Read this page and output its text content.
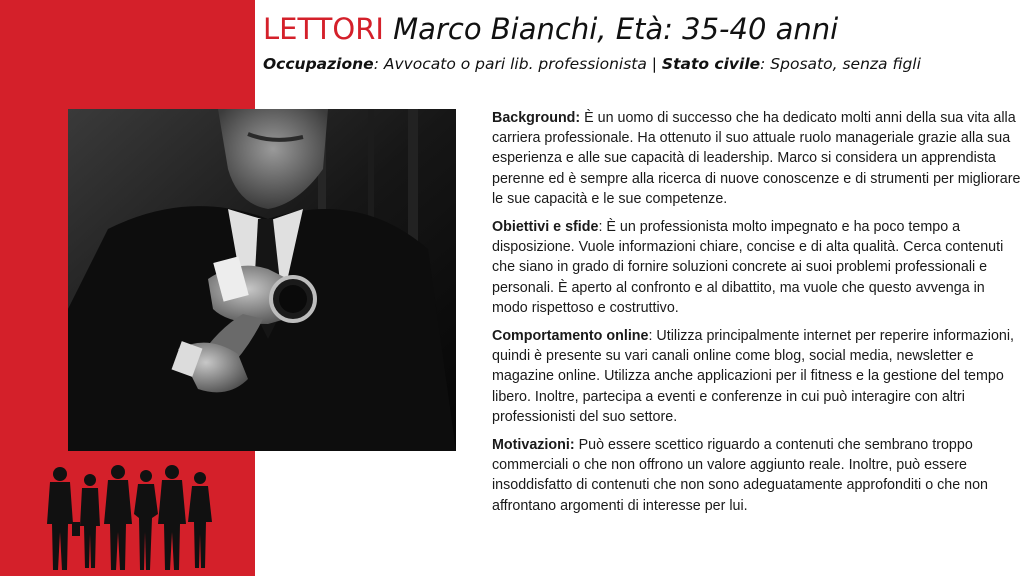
LETTORI Marco Bianchi, Età: 35-40 anni
Occupazione: Avvocato o pari lib. professionista | Stato civile: Sposato, senza figli
Background: È un uomo di successo che ha dedicato molti anni della sua vita alla carriera professionale. Ha ottenuto il suo attuale ruolo manageriale grazie alla sua esperienza e alle sue capacità di leadership. Marco si considera un apprendista perenne ed è sempre alla ricerca di nuove conoscenze e di strumenti per migliorare le sue capacità e le sue competenze.
Obiettivi e sfide: È un professionista molto impegnato e ha poco tempo a disposizione. Vuole informazioni chiare, concise e di alta qualità. Cerca contenuti che siano in grado di fornire soluzioni concrete ai suoi problemi professionali e personali. È aperto al confronto e al dibattito, ma vuole che questo avvenga in modo rispettoso e costruttivo.
Comportamento online: Utilizza principalmente internet per reperire informazioni, quindi è presente su vari canali online come blog, social media, newsletter e magazine online. Utilizza anche applicazioni per il fitness e la gestione del tempo libero. Inoltre, partecipa a eventi e conferenze in cui può interagire con altri professionisti del suo settore.
Motivazioni: Può essere scettico riguardo a contenuti che sembrano troppo commerciali o che non offrono un valore aggiunto reale. Inoltre, può essere insoddisfatto di contenuti che non sono adeguatamente approfonditi o che non affrontano argomenti di interesse per lui.
